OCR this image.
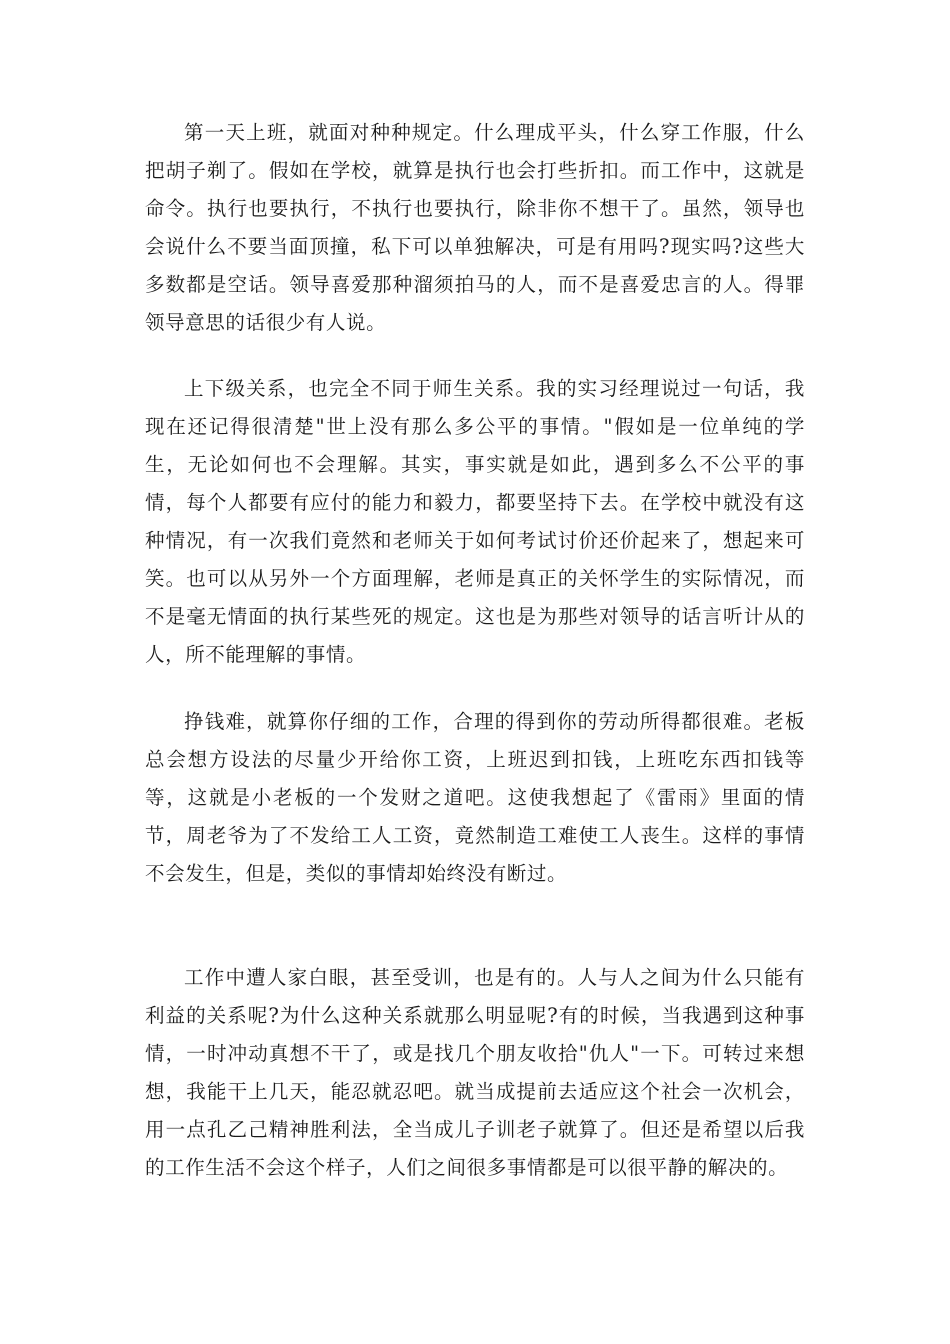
第一天上班，就面对种种规定。什么理成平头，什么穿工作服，什么把胡子剃了。假如在学校，就算是执行也会打些折扣。而工作中，这就是命令。执行也要执行，不执行也要执行，除非你不想干了。虽然，领导也会说什么不要当面顶撞，私下可以单独解决，可是有用吗?现实吗?这些大多数都是空话。领导喜爱那种溜须拍马的人，而不是喜爱忠言的人。得罪领导意思的话很少有人说。

上下级关系，也完全不同于师生关系。我的实习经理说过一句话，我现在还记得很清楚"世上没有那么多公平的事情。"假如是一位单纯的学生，无论如何也不会理解。其实，事实就是如此，遇到多么不公平的事情，每个人都要有应付的能力和毅力，都要坚持下去。在学校中就没有这种情况，有一次我们竟然和老师关于如何考试讨价还价起来了，想起来可笑。也可以从另外一个方面理解，老师是真正的关怀学生的实际情况，而不是毫无情面的执行某些死的规定。这也是为那些对领导的话言听计从的人，所不能理解的事情。

挣钱难，就算你仔细的工作，合理的得到你的劳动所得都很难。老板总会想方设法的尽量少开给你工资，上班迟到扣钱，上班吃东西扣钱等等，这就是小老板的一个发财之道吧。这使我想起了《雷雨》里面的情节，周老爷为了不发给工人工资，竟然制造工难使工人丧生。这样的事情不会发生，但是，类似的事情却始终没有断过。

工作中遭人家白眼，甚至受训，也是有的。人与人之间为什么只能有利益的关系呢?为什么这种关系就那么明显呢?有的时候，当我遇到这种事情，一时冲动真想不干了，或是找几个朋友收拾"仇人"一下。可转过来想想，我能干上几天，能忍就忍吧。就当成提前去适应这个社会一次机会，用一点孔乙己精神胜利法，全当成儿子训老子就算了。但还是希望以后我的工作生活不会这个样子，人们之间很多事情都是可以很平静的解决的。
